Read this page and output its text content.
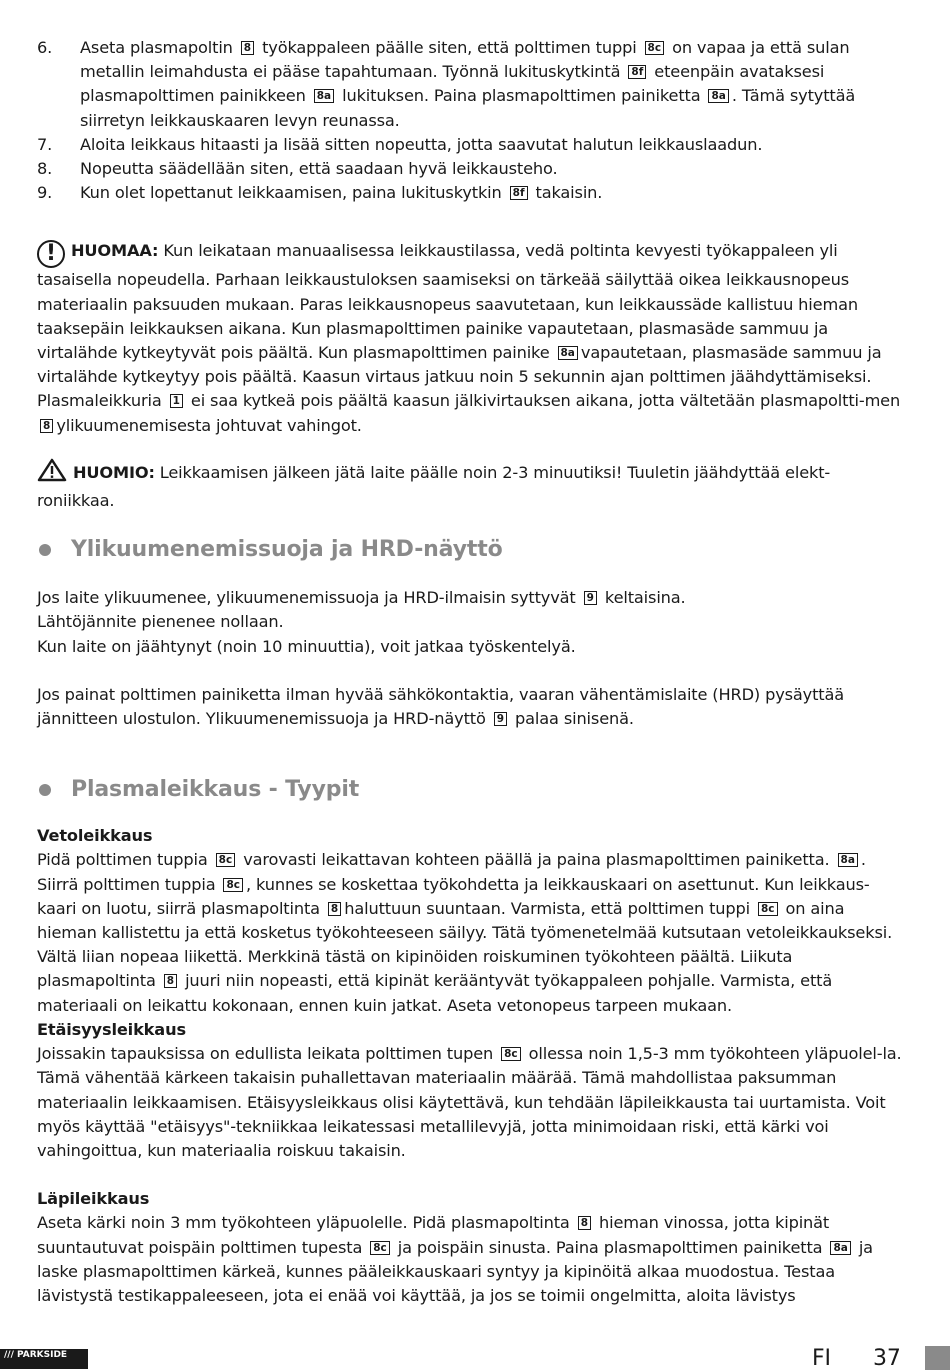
6.	Aseta plasmapoltin 8 työkappaleen päälle siten, että polttimen tuppi 8c on vapaa ja että sulan metallin leimahdusta ei pääse tapahtumaan. Työnnä lukituskytkintä 8f eteenpäin avataksesi plasmapolttimen painikkeen 8a lukituksen. Paina plasmapolttimen painiketta 8a . Tämä sytyttää siirretyn leikkauskaaren levyn reunassa.
7.	Aloita leikkaus hitaasti ja lisää sitten nopeutta, jotta saavutat halutun leikkauslaadun.
8.	Nopeutta säädellään siten, että saadaan hyvä leikkausteho.
9.	Kun olet lopettanut leikkaamisen, paina lukituskytkin 8f takaisin.
! HUOMAA: Kun leikataan manuaalisessa leikkaustilassa, vedä poltinta kevyesti työkappaleen yli tasaisella nopeudella. Parhaan leikkaustuloksen saamiseksi on tärkeää säilyttää oikea leikkausnopeus materiaalin paksuuden mukaan. Paras leikkausnopeus saavutetaan, kun leikkaussäde kallistuu hieman taaksepäin leikkauksen aikana. Kun plasmapolttimen painike vapautetaan, plasmasäde sammuu ja virtalähde kytkeytyvät pois päältä. Kun plasmapolttimen painike 8a vapautetaan, plasmasäde sammuu ja virtalähde kytkeytyy pois päältä. Kaasun virtaus jatkuu noin 5 sekunnin ajan polttimen jäähdyttämiseksi. Plasmaleikkuria 1 ei saa kytkeä pois päältä kaasun jälkivirtauksen aikana, jotta vältetään plasmapoltti-men 8 ylikuumenemisesta johtuvat vahingot.
HUOMIO: Leikkaamisen jälkeen jätä laite päälle noin 2-3 minuutiksi! Tuuletin jäähdyttää elekt-roniikkaa.
Ylikuumenemissuoja ja HRD-näyttö
Jos laite ylikuumenee, ylikuumenemissuoja ja HRD-ilmaisin syttyvät 9 keltaisina.
Lähtöjännite pienenee nollaan.
Kun laite on jäähtynyt (noin 10 minuuttia), voit jatkaa työskentelyä.
Jos painat polttimen painiketta ilman hyvää sähkökontaktia, vaaran vähentämislaite (HRD) pysäyttää jännitteen ulostulon. Ylikuumenemissuoja ja HRD-näyttö 9 palaa sinisenä.
Plasmaleikkaus - Tyypit
Vetoleikkaus
Pidä polttimen tuppia 8c varovasti leikattavan kohteen päällä ja paina plasmapolttimen painiketta. 8a . Siirrä polttimen tuppia 8c , kunnes se koskettaa työkohdetta ja leikkauskaari on asettunut. Kun leikkaus-kaari on luotu, siirrä plasmapoltinta 8 haluttuun suuntaan. Varmista, että polttimen tuppi 8c on aina hieman kallistettu ja että kosketus työkohteeseen säilyy. Tätä työmenetelmää kutsutaan vetoleikkaukseksi. Vältä liian nopeaa liikettä. Merkkinä tästä on kipinöiden roiskuminen työkohteen päältä. Liikuta plasmapoltinta 8 juuri niin nopeasti, että kipinät kerääntyvät työkappaleen pohjalle. Varmista, että materiaali on leikattu kokonaan, ennen kuin jatkat. Aseta vetonopeus tarpeen mukaan.
Etäisyysleikkaus
Joissakin tapauksissa on edullista leikata polttimen tupen 8c ollessa noin 1,5-3 mm työkohteen yläpuolel-la. Tämä vähentää kärkeen takaisin puhallettavan materiaalin määrää. Tämä mahdollistaa paksumman materiaalin leikkaamisen. Etäisyysleikkaus olisi käytettävä, kun tehdään läpileikkausta tai uurtamista. Voit myös käyttää "etäisyys"-tekniikkaa leikatessasi metallilevyjä, jotta minimoidaan riski, että kärki voi vahingoittua, kun materiaalia roiskuu takaisin.
Läpileikkaus
Aseta kärki noin 3 mm työkohteen yläpuolelle. Pidä plasmapoltinta 8 hieman vinossa, jotta kipinät suuntautuvat poispäin polttimen tupesta 8c ja poispäin sinusta. Paina plasmapolttimen painiketta 8a ja laske plasmapolttimen kärkeä, kunnes pääleikkauskaari syntyy ja kipinöitä alkaa muodostua. Testaa lävistystä testikappaleeseen, jota ei enää voi käyttää, ja jos se toimii ongelmitta, aloita lävistys
/// PARKSIDE	FI 37
